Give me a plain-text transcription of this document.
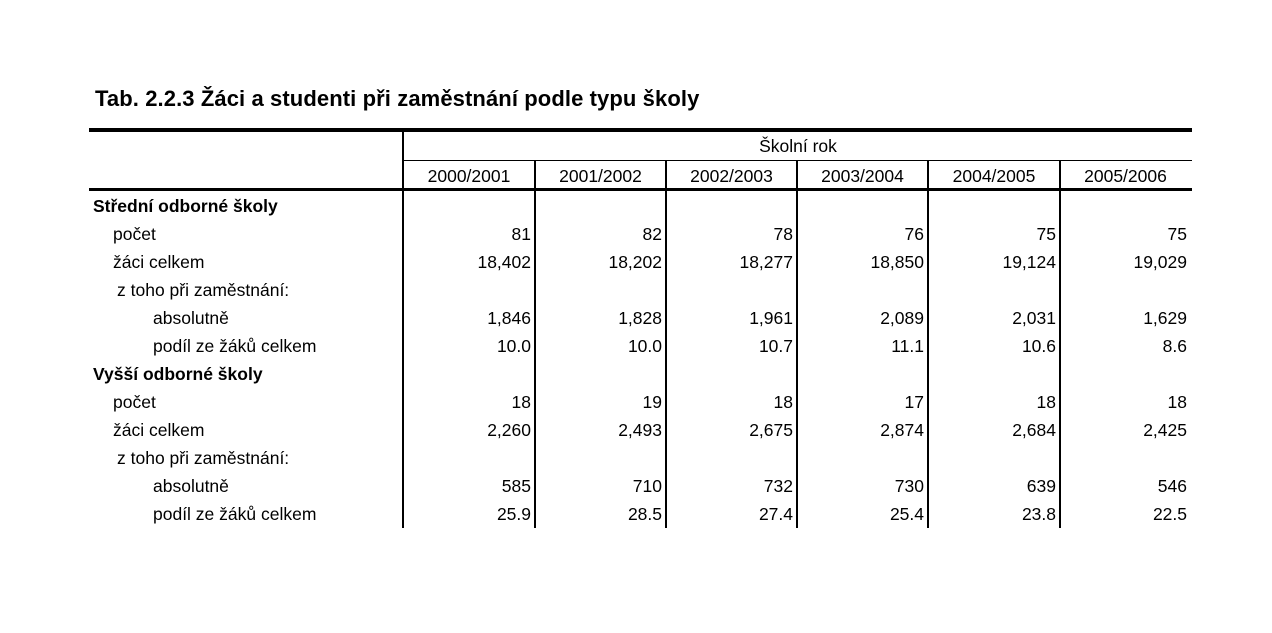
Tab. 2.2.3 Žáci a studenti při zaměstnání podle typu školy
Školní rok
2000/2001	2001/2002	2002/2003	2003/2004	2004/2005	2005/2006
Střední odborné školy
počet	81	82	78	76	75	75
žáci celkem	18,402	18,202	18,277	18,850	19,124	19,029
z toho při zaměstnání:
absolutně	1,846	1,828	1,961	2,089	2,031	1,629
podíl ze žáků celkem	10.0	10.0	10.7	11.1	10.6	8.6
Vyšší odborné školy
počet	18	19	18	17	18	18
žáci celkem	2,260	2,493	2,675	2,874	2,684	2,425
z toho při zaměstnání:
absolutně	585	710	732	730	639	546
podíl ze žáků celkem	25.9	28.5	27.4	25.4	23.8	22.5
